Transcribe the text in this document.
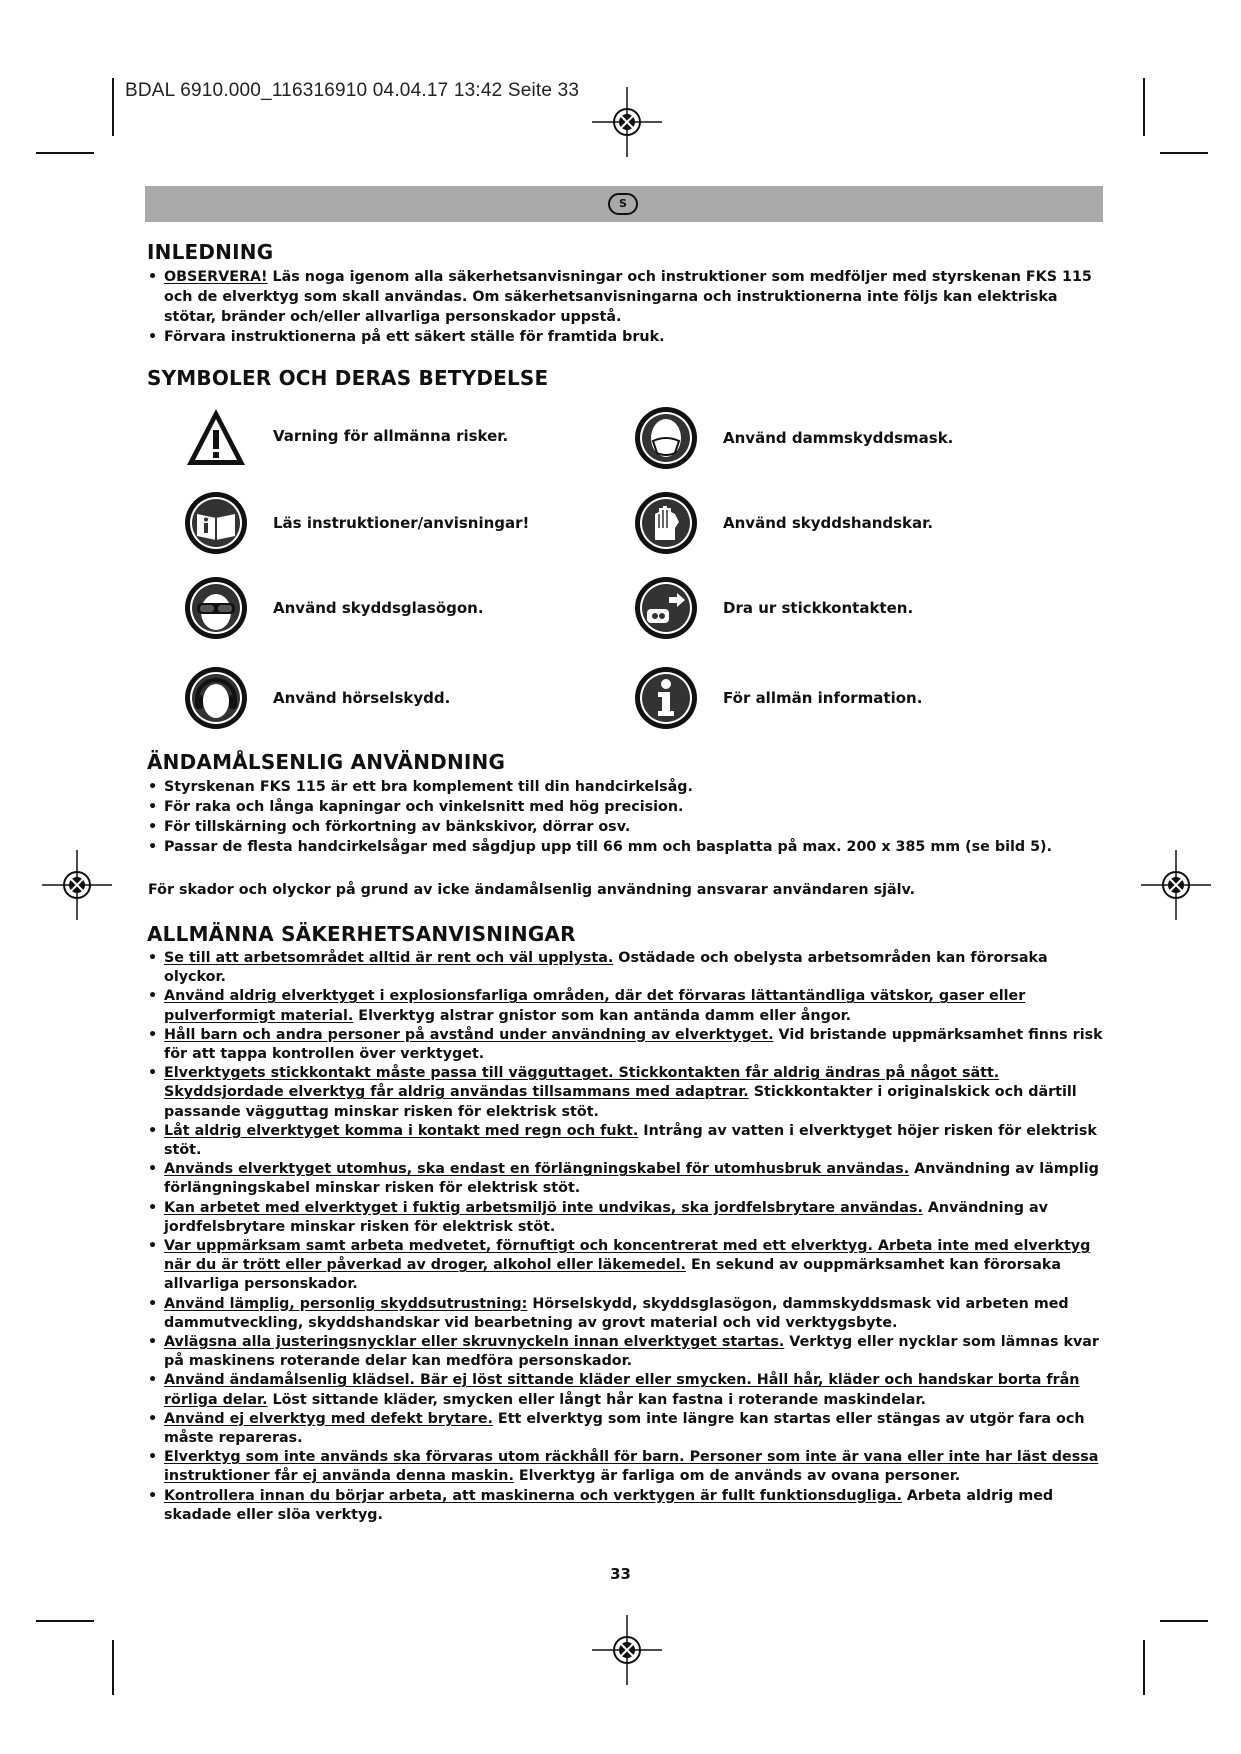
BDAL 6910.000_116316910 04.04.17 13:42 Seite 33
S
INLEDNING
• OBSERVERA! Läs noga igenom alla säkerhetsanvisningar och instruktioner som medföljer med styrskenan FKS 115 och de elverktyg som skall användas. Om säkerhetsanvisningarna och instruktionerna inte följs kan elektriska stötar, bränder och/eller allvarliga personskador uppstå.
• Förvara instruktionerna på ett säkert ställe för framtida bruk.
SYMBOLER OCH DERAS BETYDELSE
Varning för allmänna risker.
Läs instruktioner/anvisningar!
Använd skyddsglasögon.
Använd hörselskydd.
Använd dammskyddsmask.
Använd skyddshandskar.
Dra ur stickkontakten.
För allmän information.
ÄNDAMÅLSENLIG ANVÄNDNING
• Styrskenan FKS 115 är ett bra komplement till din handcirkelsåg.
• För raka och långa kapningar och vinkelsnitt med hög precision.
• För tillskärning och förkortning av bänkskivor, dörrar osv.
• Passar de flesta handcirkelsågar med sågdjup upp till 66 mm och basplatta på max. 200 x 385 mm (se bild 5).
För skador och olyckor på grund av icke ändamålsenlig användning ansvarar användaren själv.
ALLMÄNNA SÄKERHETSANVISNINGAR
• Se till att arbetsområdet alltid är rent och väl upplysta. Ostädade och obelysta arbetsområden kan förorsaka olyckor.
• Använd aldrig elverktyget i explosionsfarliga områden, där det förvaras lättantändliga vätskor, gaser eller pulverformigt material. Elverktyg alstrar gnistor som kan antända damm eller ångor.
• Håll barn och andra personer på avstånd under användning av elverktyget. Vid bristande uppmärksamhet finns risk för att tappa kontrollen över verktyget.
• Elverktygets stickkontakt måste passa till vägguttaget. Stickkontakten får aldrig ändras på något sätt. Skyddsjordade elverktyg får aldrig användas tillsammans med adaptrar. Stickkontakter i originalskick och därtill passande vägguttag minskar risken för elektrisk stöt.
• Låt aldrig elverktyget komma i kontakt med regn och fukt. Intrång av vatten i elverktyget höjer risken för elektrisk stöt.
• Används elverktyget utomhus, ska endast en förlängningskabel för utomhusbruk användas. Användning av lämplig förlängningskabel minskar risken för elektrisk stöt.
• Kan arbetet med elverktyget i fuktig arbetsmiljö inte undvikas, ska jordfelsbrytare användas. Användning av jordfelsbrytare minskar risken för elektrisk stöt.
• Var uppmärksam samt arbeta medvetet, förnuftigt och koncentrerat med ett elverktyg. Arbeta inte med elverktyg när du är trött eller påverkad av droger, alkohol eller läkemedel. En sekund av ouppmärksamhet kan förorsaka allvarliga personskador.
• Använd lämplig, personlig skyddsutrustning: Hörselskydd, skyddsglasögon, dammskyddsmask vid arbeten med dammutveckling, skyddshandskar vid bearbetning av grovt material och vid verktygsbyte.
• Avlägsna alla justeringsnycklar eller skruvnyckeln innan elverktyget startas. Verktyg eller nycklar som lämnas kvar på maskinens roterande delar kan medföra personskador.
• Använd ändamålsenlig klädsel. Bär ej löst sittande kläder eller smycken. Håll hår, kläder och handskar borta från rörliga delar. Löst sittande kläder, smycken eller långt hår kan fastna i roterande maskindelar.
• Använd ej elverktyg med defekt brytare. Ett elverktyg som inte längre kan startas eller stängas av utgör fara och måste repareras.
• Elverktyg som inte används ska förvaras utom räckhåll för barn. Personer som inte är vana eller inte har läst dessa instruktioner får ej använda denna maskin. Elverktyg är farliga om de används av ovana personer.
• Kontrollera innan du börjar arbeta, att maskinerna och verktygen är fullt funktionsdugliga. Arbeta aldrig med skadade eller slöa verktyg.
33
